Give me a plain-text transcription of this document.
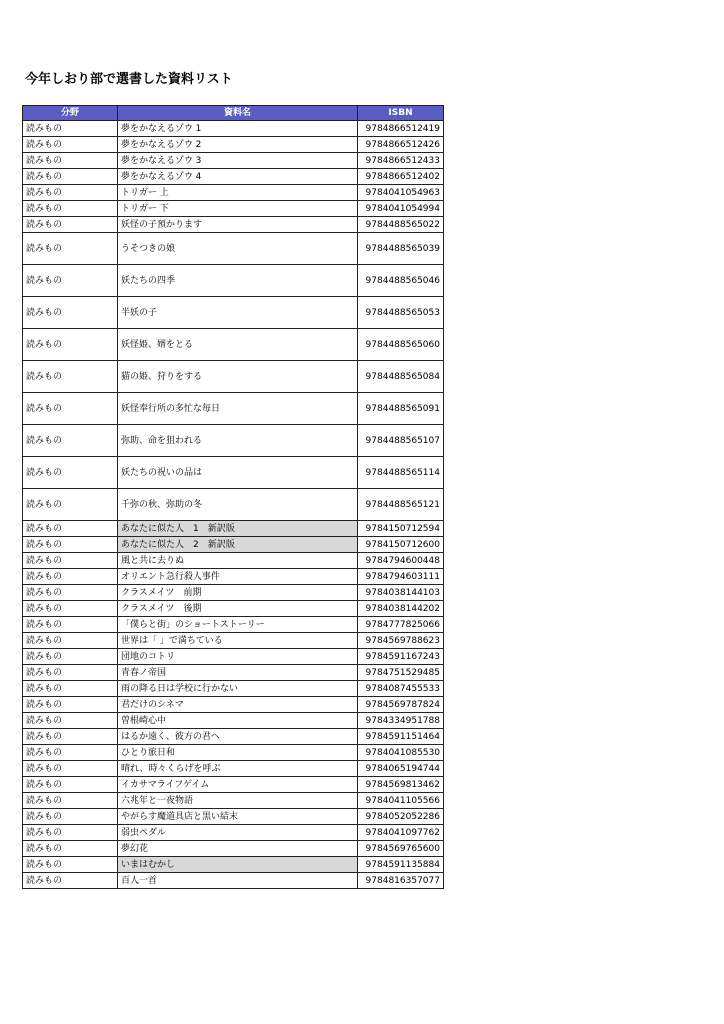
今年しおり部で選書した資料リスト
分野	資料名	ISBN
読みもの	夢をかなえるゾウ 1	9784866512419
読みもの	夢をかなえるゾウ 2	9784866512426
読みもの	夢をかなえるゾウ 3	9784866512433
読みもの	夢をかなえるゾウ 4	9784866512402
読みもの	トリガー 上	9784041054963
読みもの	トリガー 下	9784041054994
読みもの	妖怪の子預かります	9784488565022
読みもの	うそつきの娘	9784488565039
読みもの	妖たちの四季	9784488565046
読みもの	半妖の子	9784488565053
読みもの	妖怪姫、婿をとる	9784488565060
読みもの	猫の姫、狩りをする	9784488565084
読みもの	妖怪奉行所の多忙な毎日	9784488565091
読みもの	弥助、命を狙われる	9784488565107
読みもの	妖たちの祝いの品は	9784488565114
読みもの	千弥の秋、弥助の冬	9784488565121
読みもの	あなたに似た人　1　新訳版	9784150712594
読みもの	あなたに似た人　2　新訳版	9784150712600
読みもの	風と共に去りぬ	9784794600448
読みもの	オリエント急行殺人事件	9784794603111
読みもの	クラスメイツ　前期	9784038144103
読みもの	クラスメイツ　後期	9784038144202
読みもの	「僕らと街」のショートストーリー	9784777825066
読みもの	世界は「 」で満ちている	9784569788623
読みもの	団地のコトリ	9784591167243
読みもの	青春ノ帝国	9784751529485
読みもの	雨の降る日は学校に行かない	9784087455533
読みもの	君だけのシネマ	9784569787824
読みもの	曽根崎心中	9784334951788
読みもの	はるか遠く、彼方の君へ	9784591151464
読みもの	ひとり旅日和	9784041085530
読みもの	晴れ、時々くらげを呼ぶ	9784065194744
読みもの	イカサマライフゲイム	9784569813462
読みもの	六兆年と一夜物語	9784041105566
読みもの	やがらす魔道具店と黒い結末	9784052052286
読みもの	弱虫ペダル	9784041097762
読みもの	夢幻花	9784569765600
読みもの	いまはむかし	9784591135884
読みもの	百人一首	9784816357077
